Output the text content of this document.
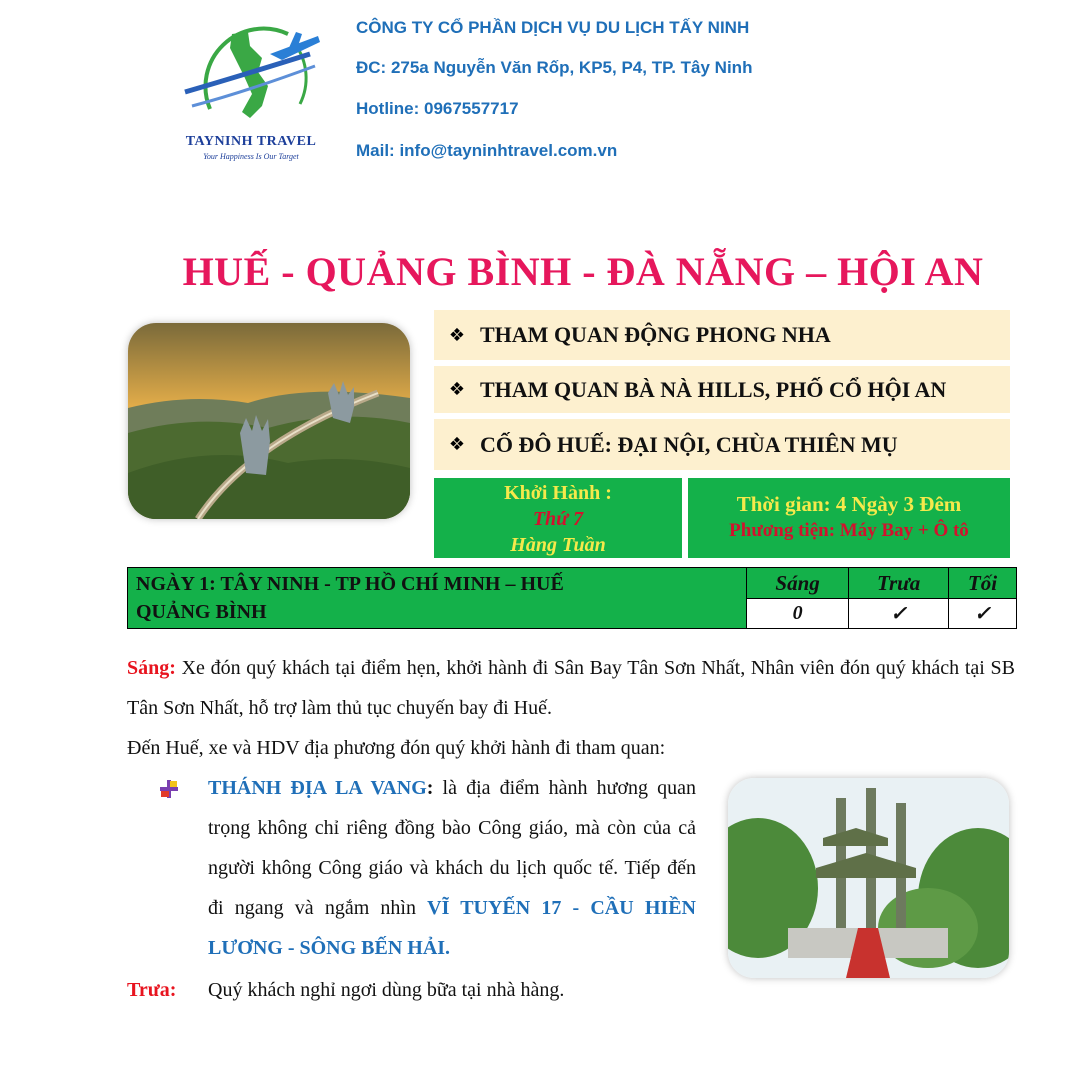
TAYNINH TRAVEL
Your Happiness Is Our Target
CÔNG TY CỔ PHẦN DỊCH VỤ DU LỊCH TẤY NINH
ĐC: 275a Nguyễn Văn Rốp, KP5, P4, TP. Tây Ninh
Hotline: 0967557717
Mail: info@tayninhtravel.com.vn
HUẾ - QUẢNG BÌNH - ĐÀ NẴNG – HỘI AN
❖ THAM QUAN ĐỘNG PHONG NHA
❖ THAM QUAN BÀ NÀ HILLS, PHỐ CỔ HỘI AN
❖ CỐ ĐÔ HUẾ: ĐẠI NỘI, CHÙA THIÊN MỤ
Khởi Hành :
Thứ 7
Hàng Tuần
Thời gian: 4 Ngày 3 Đêm
Phương tiện: Máy Bay + Ô tô
NGÀY 1: TÂY NINH - TP HỒ CHÍ MINH – HUẾ
QUẢNG BÌNH	Sáng	Trưa	Tối
	0	✓	✓
Sáng: Xe đón quý khách tại điểm hẹn, khởi hành đi Sân Bay Tân Sơn Nhất, Nhân viên đón quý khách tại SB Tân Sơn Nhất, hỗ trợ làm thủ tục chuyến bay đi Huế.
Đến Huế, xe và HDV địa phương đón quý khởi hành đi tham quan:
THÁNH ĐỊA LA VANG: là địa điểm hành hương quan trọng không chỉ riêng đồng bào Công giáo, mà còn của cả người không Công giáo và khách du lịch quốc tế. Tiếp đến đi ngang và ngắm nhìn VĨ TUYẾN 17 - CẦU HIỀN LƯƠNG - SÔNG BẾN HẢI.
Trưa: Quý khách nghỉ ngơi dùng bữa tại nhà hàng.
